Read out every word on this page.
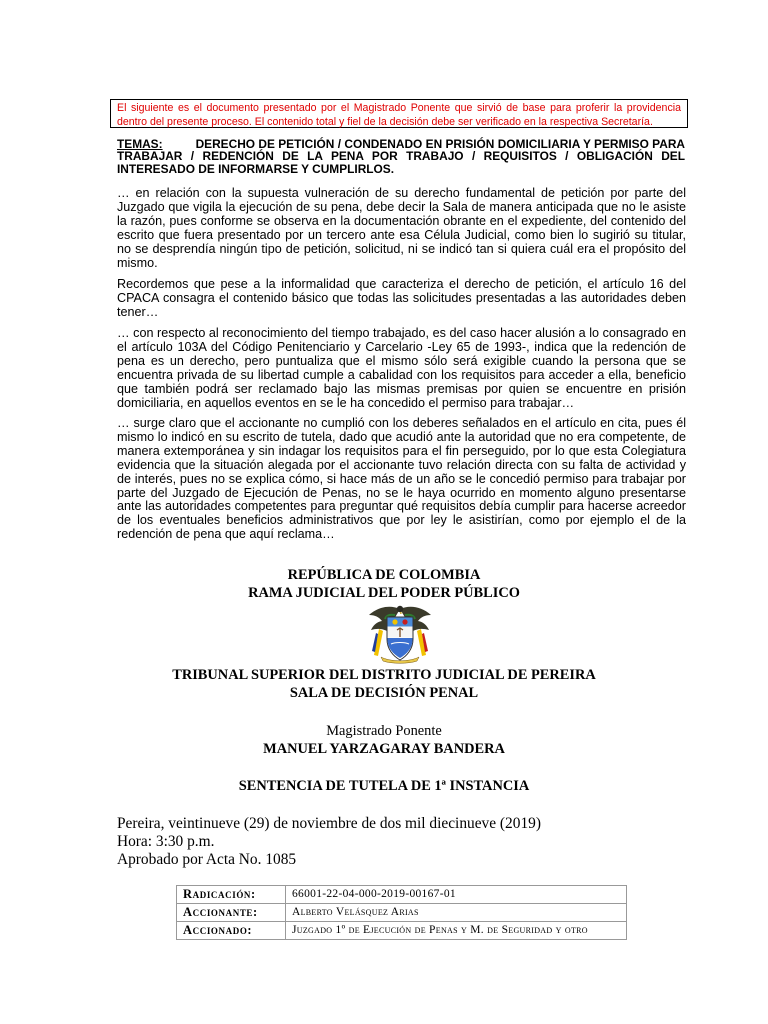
El siguiente es el documento presentado por el Magistrado Ponente que sirvió de base para proferir la providencia dentro del presente proceso. El contenido total y fiel de la decisión debe ser verificado en la respectiva Secretaría.
TEMAS:	DERECHO DE PETICIÓN / CONDENADO EN PRISIÓN DOMICILIARIA Y PERMISO PARA TRABAJAR / REDENCIÓN DE LA PENA POR TRABAJO / REQUISITOS / OBLIGACIÓN DEL INTERESADO DE INFORMARSE Y CUMPLIRLOS.
… en relación con la supuesta vulneración de su derecho fundamental de petición por parte del Juzgado que vigila la ejecución de su pena, debe decir la Sala de manera anticipada que no le asiste la razón, pues conforme se observa en la documentación obrante en el expediente, del contenido del escrito que fuera presentado por un tercero ante esa Célula Judicial, como bien lo sugirió su titular, no se desprendía ningún tipo de petición, solicitud, ni se indicó tan si quiera cuál era el propósito del mismo.
Recordemos que pese a la informalidad que caracteriza el derecho de petición, el artículo 16 del CPACA consagra el contenido básico que todas las solicitudes presentadas a las autoridades deben tener…
… con respecto al reconocimiento del tiempo trabajado, es del caso hacer alusión a lo consagrado en el artículo 103A del Código Penitenciario y Carcelario -Ley 65 de 1993-, indica que la redención de pena es un derecho, pero puntualiza que el mismo sólo será exigible cuando la persona que se encuentra privada de su libertad cumple a cabalidad con los requisitos para acceder a ella, beneficio que también podrá ser reclamado bajo las mismas premisas por quien se encuentre en prisión domiciliaria, en aquellos eventos en se le ha concedido el permiso para trabajar…
… surge claro que el accionante no cumplió con los deberes señalados en el artículo en cita, pues él mismo lo indicó en su escrito de tutela, dado que acudió ante la autoridad que no era competente, de manera extemporánea y sin indagar los requisitos para el fin perseguido, por lo que esta Colegiatura evidencia que la situación alegada por el accionante tuvo relación directa con su falta de actividad y de interés, pues no se explica cómo, si hace más de un año se le concedió permiso para trabajar por parte del Juzgado de Ejecución de Penas, no se le haya ocurrido en momento alguno presentarse ante las autoridades competentes para preguntar qué requisitos debía cumplir para hacerse acreedor de los eventuales beneficios administrativos que por ley le asistirían, como por ejemplo el de la redención de pena que aquí reclama…
REPÚBLICA DE COLOMBIA
RAMA JUDICIAL DEL PODER PÚBLICO
TRIBUNAL SUPERIOR DEL DISTRITO JUDICIAL DE PEREIRA
SALA DE DECISIÓN PENAL
Magistrado Ponente
MANUEL YARZAGARAY BANDERA
SENTENCIA DE TUTELA DE 1ª INSTANCIA
Pereira, veintinueve (29) de noviembre de dos mil diecinueve (2019)
Hora: 3:30 p.m.
Aprobado por Acta No. 1085
Radicación:	66001-22-04-000-2019-00167-01
Accionante:	Alberto Velásquez Arias
Accionado:	Juzgado 1º de Ejecución de Penas y M. de Seguridad y otro
